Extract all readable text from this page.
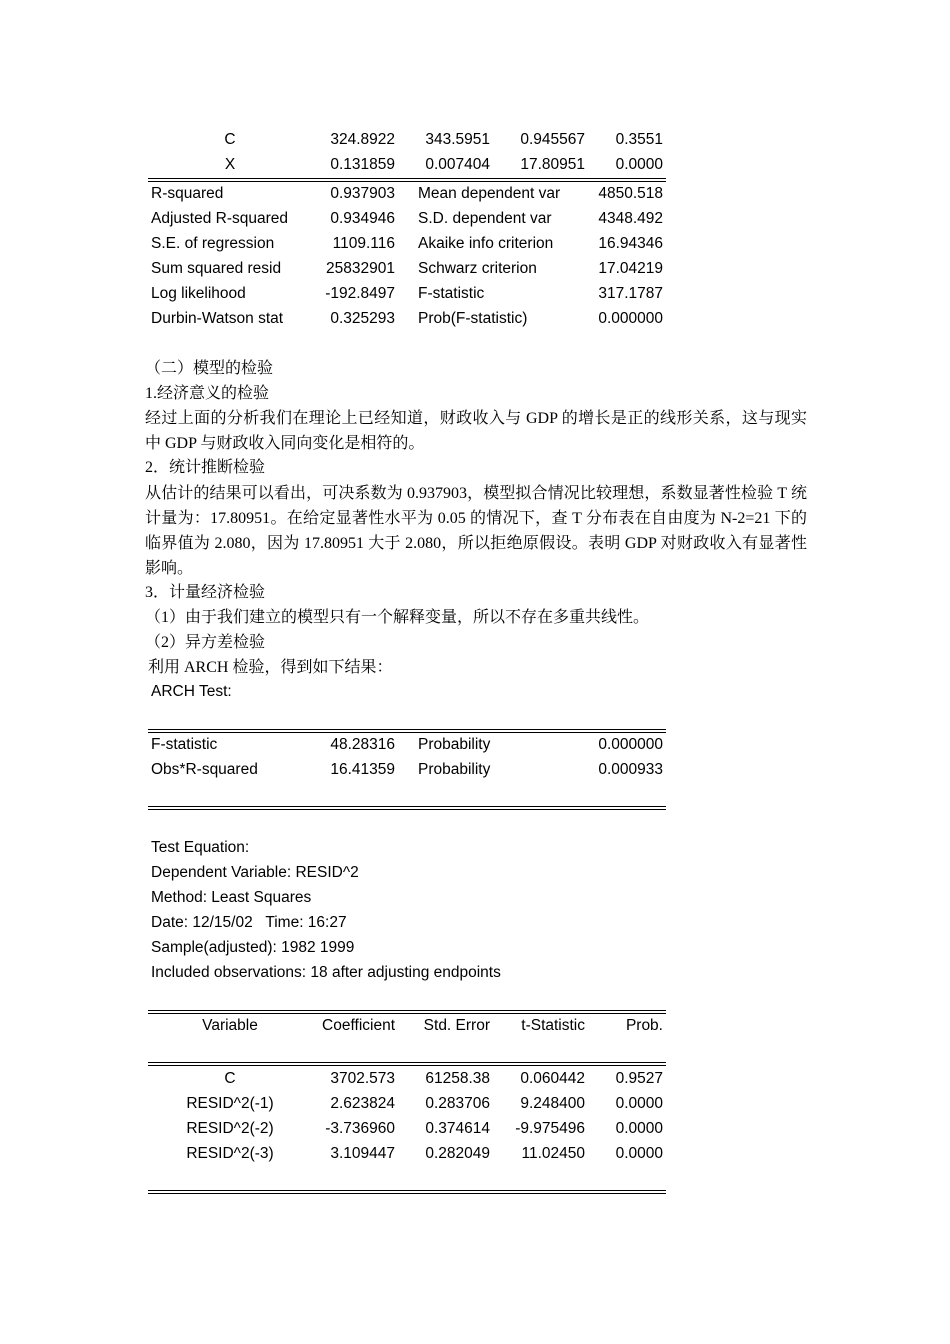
C	324.8922	343.5951	0.945567	0.3551
X	0.131859	0.007404	17.80951	0.0000
R-squared	0.937903 Mean dependent var	4850.518
Adjusted R-squared	0.934946 S.D. dependent var	4348.492
S.E. of regression	1109.116 Akaike info criterion	16.94346
Sum squared resid	25832901 Schwarz criterion	17.04219
Log likelihood	-192.8497 F-statistic	317.1787
Durbin-Watson stat	0.325293 Prob(F-statistic)	0.000000
（二）模型的检验
1.经济意义的检验
经过上面的分析我们在理论上已经知道，财政收入与 GDP 的增长是正的线形关系，这与现实中 GDP 与财政收入同向变化是相符的。
2．统计推断检验
从估计的结果可以看出，可决系数为 0.937903，模型拟合情况比较理想，系数显著性检验 T 统计量为：17.80951。在给定显著性水平为 0.05 的情况下，查 T 分布表在自由度为 N-2=21 下的临界值为 2.080，因为 17.80951 大于 2.080，所以拒绝原假设。表明 GDP 对财政收入有显著性影响。
3．计量经济检验
（1）由于我们建立的模型只有一个解释变量，所以不存在多重共线性。
（2）异方差检验
利用 ARCH 检验，得到如下结果：
ARCH Test:
F-statistic	48.28316 Probability	0.000000
Obs*R-squared	16.41359 Probability	0.000933
Test Equation:
Dependent Variable: RESID^2
Method: Least Squares
Date: 12/15/02   Time: 16:27
Sample(adjusted): 1982 1999
Included observations: 18 after adjusting endpoints
Variable	Coefficient	Std. Error	t-Statistic	Prob.
C	3702.573	61258.38	0.060442	0.9527
RESID^2(-1)	2.623824	0.283706	9.248400	0.0000
RESID^2(-2)	-3.736960	0.374614	-9.975496	0.0000
RESID^2(-3)	3.109447	0.282049	11.02450	0.0000
